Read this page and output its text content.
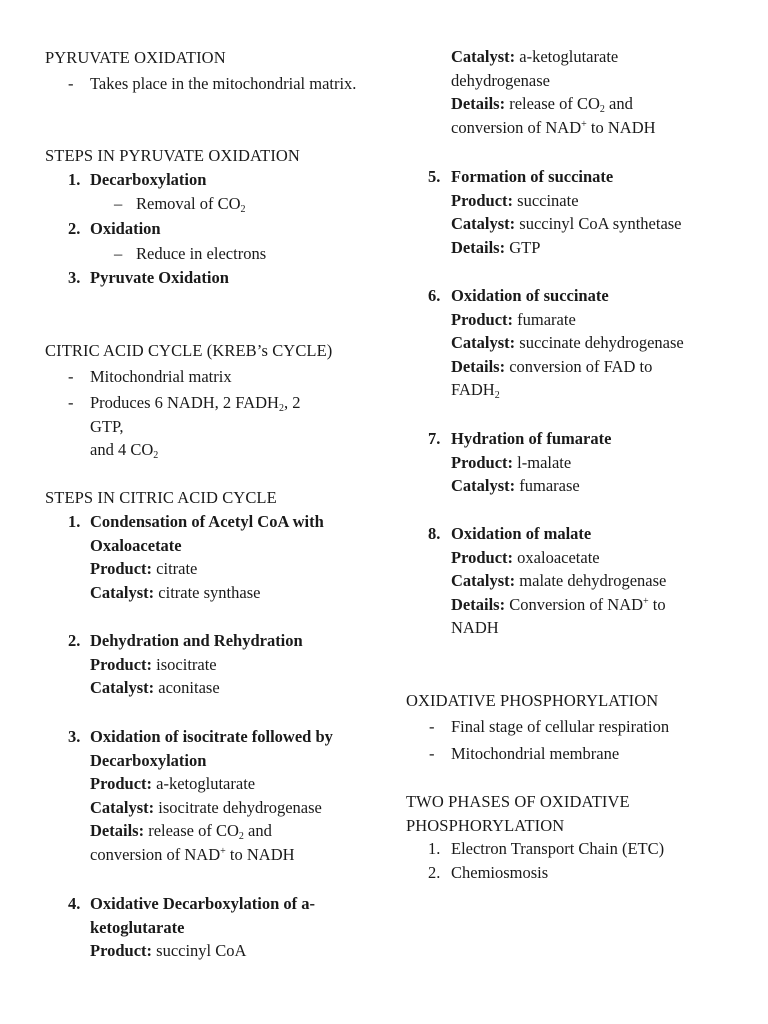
PYRUVATE OXIDATION
- Takes place in the mitochondrial matrix.
STEPS IN PYRUVATE OXIDATION
1. Decarboxylation
– Removal of $CO_2$
2. Oxidation
– Reduce in electrons
3. Pyruvate Oxidation
CITRIC ACID CYCLE (KREB’s CYCLE)
- Mitochondrial matrix
- Produces 6 NADH, 2 $FADH_2$, 2
GTP,
and 4 $CO_2$
STEPS IN CITRIC ACID CYCLE
1. Condensation of Acetyl CoA with
Oxaloacetate
Product: citrate
Catalyst: citrate synthase
2. Dehydration and Rehydration
Product: isocitrate
Catalyst: aconitase
3. Oxidation of isocitrate followed by
Decarboxylation
Product: a-ketoglutarate
Catalyst: isocitrate dehydrogenase
Details: release of $CO_2$ and
conversion of NAD+ to NADH
4. Oxidative Decarboxylation of a-
ketoglutarate
Product: succinyl CoA
Catalyst: a-ketoglutarate
dehydrogenase
Details: release of $CO_2$ and
conversion of NAD+ to NADH
5. Formation of succinate
Product: succinate
Catalyst: succinyl CoA synthetase
Details: GTP
6. Oxidation of succinate
Product: fumarate
Catalyst: succinate dehydrogenase
Details: conversion of FAD to
$FADH_2$
7. Hydration of fumarate
Product: l-malate
Catalyst: fumarase
8. Oxidation of malate
Product: oxaloacetate
Catalyst: malate dehydrogenase
Details: Conversion of NAD+ to
NADH
OXIDATIVE PHOSPHORYLATION
- Final stage of cellular respiration
- Mitochondrial membrane
TWO PHASES OF OXIDATIVE
PHOSPHORYLATION
1. Electron Transport Chain (ETC)
2. Chemiosmosis
